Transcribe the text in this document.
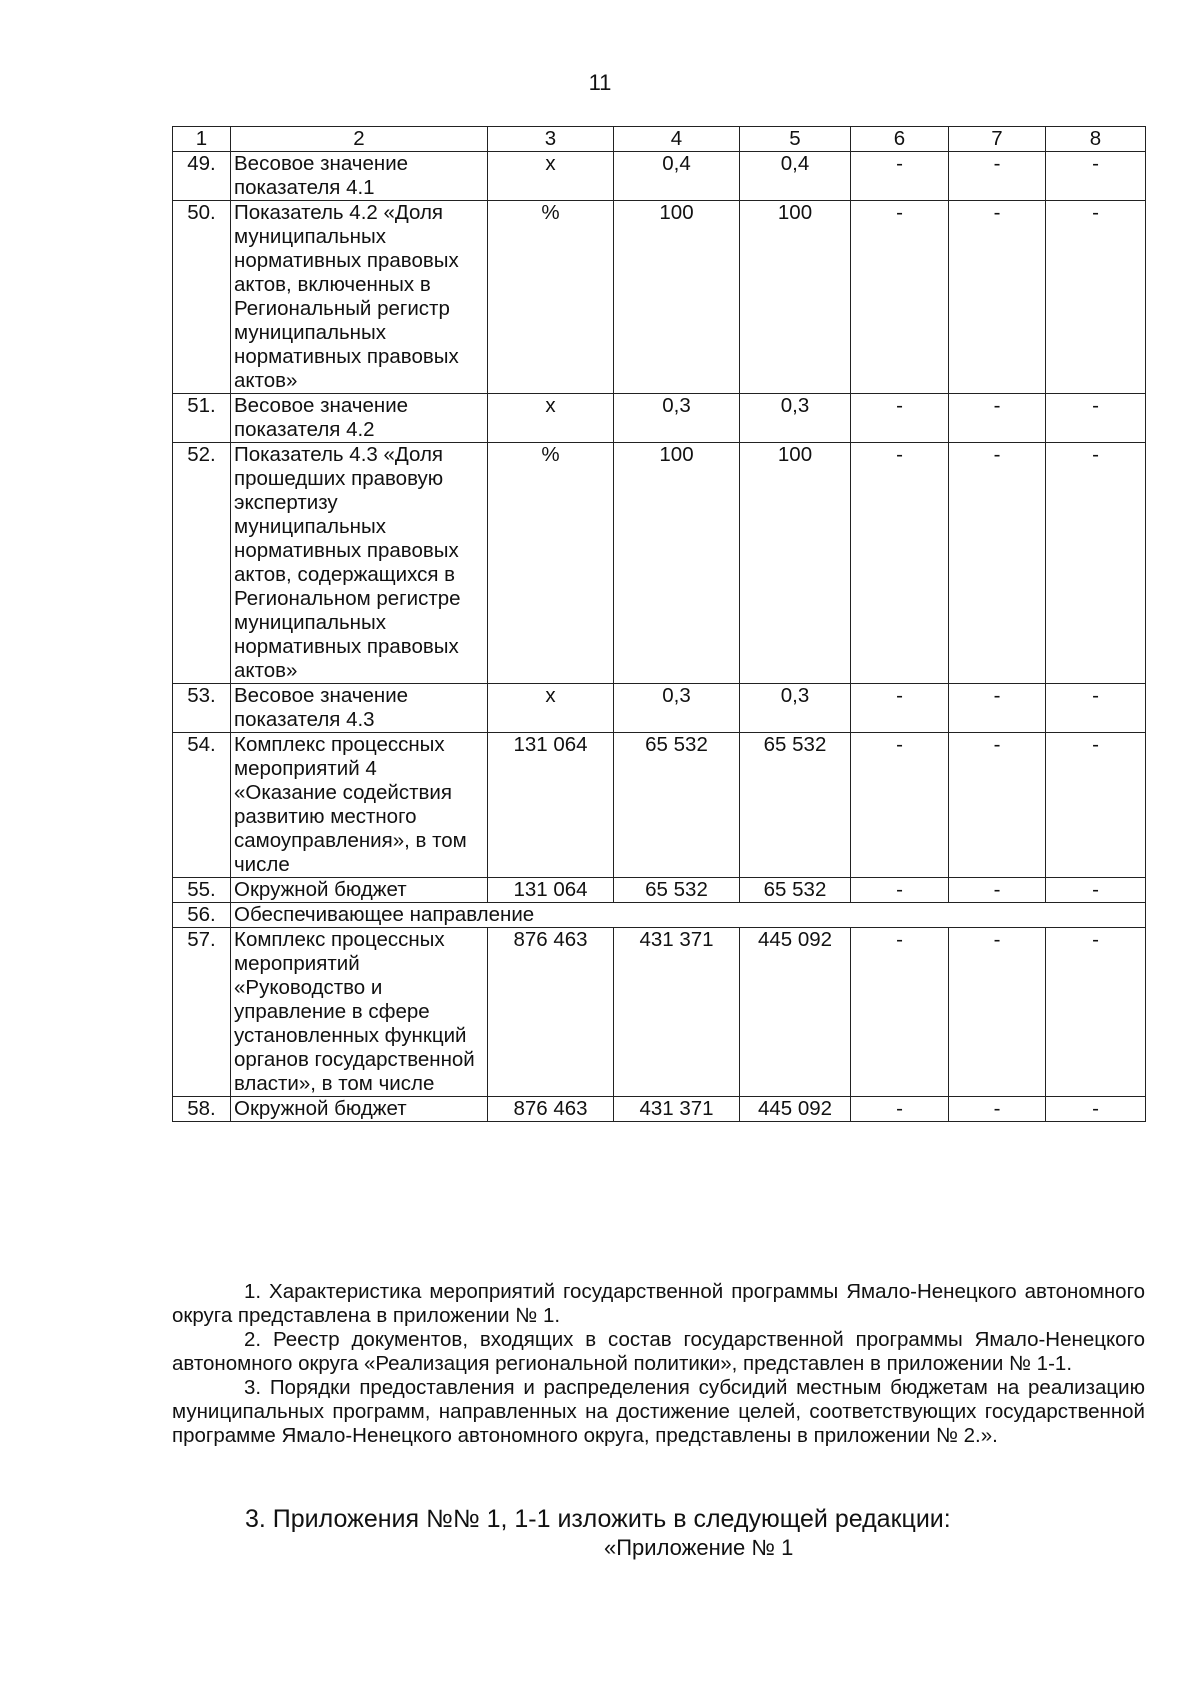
11
1	2	3	4	5	6	7	8
49.	Весовое значение показателя 4.1	x	0,4	0,4	-	-	-
50.	Показатель 4.2 «Доля муниципальных нормативных правовых актов, включенных в Региональный регистр муниципальных нормативных правовых актов»	%	100	100	-	-	-
51.	Весовое значение показателя 4.2	x	0,3	0,3	-	-	-
52.	Показатель 4.3 «Доля прошедших правовую экспертизу муниципальных нормативных правовых актов, содержащихся в Региональном регистре муниципальных нормативных правовых актов»	%	100	100	-	-	-
53.	Весовое значение показателя 4.3	x	0,3	0,3	-	-	-
54.	Комплекс процессных мероприятий 4 «Оказание содействия развитию местного самоуправления», в том числе	131 064	65 532	65 532	-	-	-
55.	Окружной бюджет	131 064	65 532	65 532	-	-	-
56.	Обеспечивающее направление						
57.	Комплекс процессных мероприятий «Руководство и управление в сфере установленных функций органов государственной власти», в том числе	876 463	431 371	445 092	-	-	-
58.	Окружной бюджет	876 463	431 371	445 092	-	-	-

1. Характеристика мероприятий государственной программы Ямало-Ненецкого автономного округа представлена в приложении № 1.

2. Реестр документов, входящих в состав государственной программы Ямало-Ненецкого автономного округа «Реализация региональной политики», представлен в приложении № 1-1.

3. Порядки предоставления и распределения субсидий местным бюджетам на реализацию муниципальных программ, направленных на достижение целей, соответствующих государственной программе Ямало-Ненецкого автономного округа, представлены в приложении № 2.».

3. Приложения №№ 1, 1-1 изложить в следующей редакции:
«Приложение № 1
